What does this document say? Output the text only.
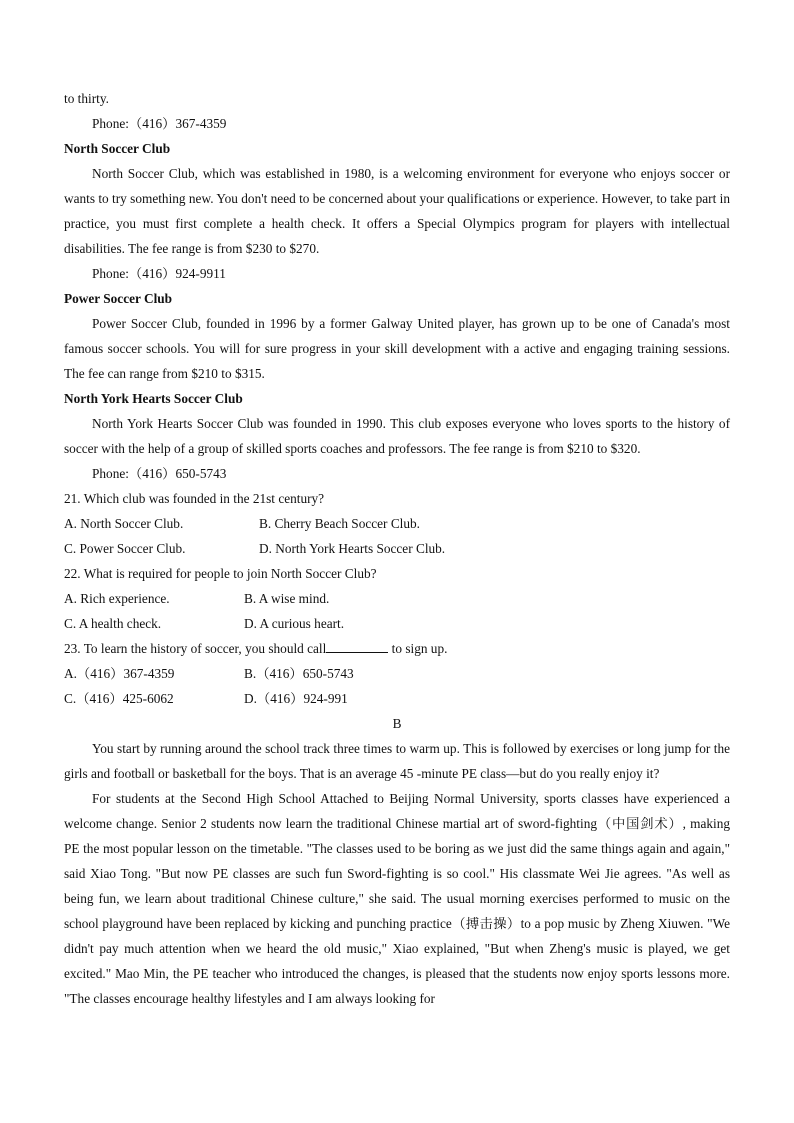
to thirty.
Phone:（416）367-4359
North Soccer Club
North Soccer Club, which was established in 1980, is a welcoming environment for everyone who enjoys soccer or wants to try something new. You don't need to be concerned about your qualifications or experience. However, to take part in practice, you must first complete a health check. It offers a Special Olympics program for players with intellectual disabilities. The fee range is from $230 to $270.
Phone:（416）924-9911
Power Soccer Club
Power Soccer Club, founded in 1996 by a former Galway United player, has grown up to be one of Canada's most famous soccer schools. You will for sure progress in your skill development with a active and engaging training sessions. The fee can range from $210 to $315.
North York Hearts Soccer Club
North York Hearts Soccer Club was founded in 1990. This club exposes everyone who loves sports to the history of soccer with the help of a group of skilled sports coaches and professors. The fee range is from $210 to $320.
Phone:（416）650-5743
21. Which club was founded in the 21st century?
A. North Soccer Club.	B. Cherry Beach Soccer Club.
C. Power Soccer Club.	D. North York Hearts Soccer Club.
22. What is required for people to join North Soccer Club?
A. Rich experience.	B. A wise mind.
C. A health check.	D. A curious heart.
23. To learn the history of soccer, you should call	to sign up.
A.（416）367-4359	B.（416）650-5743
C.（416）425-6062	D.（416）924-991
B
You start by running around the school track three times to warm up. This is followed by exercises or long jump for the girls and football or basketball for the boys. That is an average 45 -minute PE class—but do you really enjoy it?
For students at the Second High School Attached to Beijing Normal University, sports classes have experienced a welcome change. Senior 2 students now learn the traditional Chinese martial art of sword-fighting（中国剑术）, making PE the most popular lesson on the timetable. "The classes used to be boring as we just did the same things again and again," said Xiao Tong. "But now PE classes are such fun Sword-fighting is so cool." His classmate Wei Jie agrees. "As well as being fun, we learn about traditional Chinese culture," she said. The usual morning exercises performed to music on the school playground have been replaced by kicking and punching practice（搏击操）to a pop music by Zheng Xiuwen. "We didn't pay much attention when we heard the old music," Xiao explained, "But when Zheng's music is played, we get excited." Mao Min, the PE teacher who introduced the changes, is pleased that the students now enjoy sports lessons more. "The classes encourage healthy lifestyles and I am always looking for
